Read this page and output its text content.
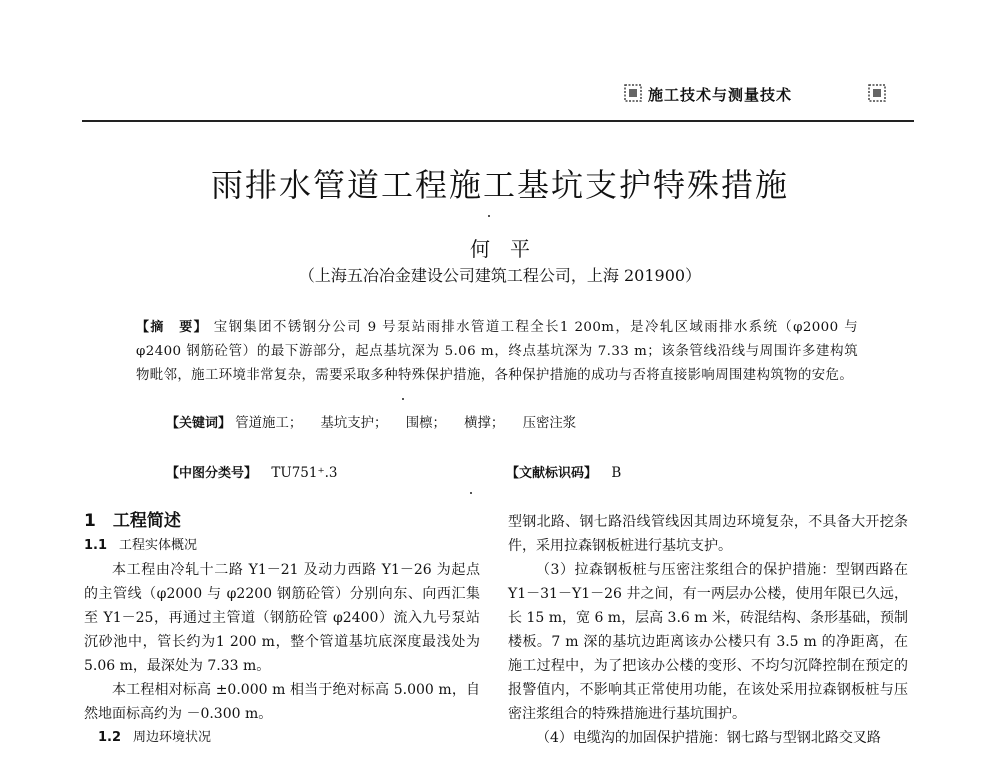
施工技术与测量技术
雨排水管道工程施工基坑支护特殊措施
何　平
（上海五冶冶金建设公司建筑工程公司，上海 201900）
【摘　要】 宝钢集团不锈钢分公司 9 号泵站雨排水管道工程全长1 200m，是冷轧区域雨排水系统（φ2000 与 φ2400 钢筋砼管）的最下游部分，起点基坑深为 5.06 m，终点基坑深为 7.33 m；该条管线沿线与周围许多建构筑物毗邻，施工环境非常复杂，需要采取多种特殊保护措施，各种保护措施的成功与否将直接影响周围建构筑物的安危。
【关键词】 管道施工； 基坑支护； 围檩； 横撑； 压密注浆
【中图分类号】 TU751⁺.3	【文献标识码】 B
1　工程简述
1.1 工程实体概况

本工程由冷轧十二路 Y1－21 及动力西路 Y1－26 为起点的主管线（φ2000 与 φ2200 钢筋砼管）分别向东、向西汇集至 Y1－25，再通过主管道（钢筋砼管 φ2400）流入九号泵站沉砂池中，管长约为1 200 m，整个管道基坑底深度最浅处为 5.06 m，最深处为 7.33 m。

本工程相对标高 ±0.000 m 相当于绝对标高 5.000 m，自然地面标高约为 －0.300 m。

1.2 周边环境状况

型钢北路、钢七路沿线管线因其周边环境复杂，不具备大开挖条件，采用拉森钢板桩进行基坑支护。

（3）拉森钢板桩与压密注浆组合的保护措施：型钢西路在 Y1－31－Y1－26 井之间，有一两层办公楼，使用年限已久远，长 15 m，宽 6 m，层高 3.6 m 米，砖混结构、条形基础，预制楼板。7 m 深的基坑边距离该办公楼只有 3.5 m 的净距离，在施工过程中，为了把该办公楼的变形、不均匀沉降控制在预定的报警值内，不影响其正常使用功能，在该处采用拉森钢板桩与压密注浆组合的特殊措施进行基坑围护。

（4）电缆沟的加固保护措施：钢七路与型钢北路交叉路
